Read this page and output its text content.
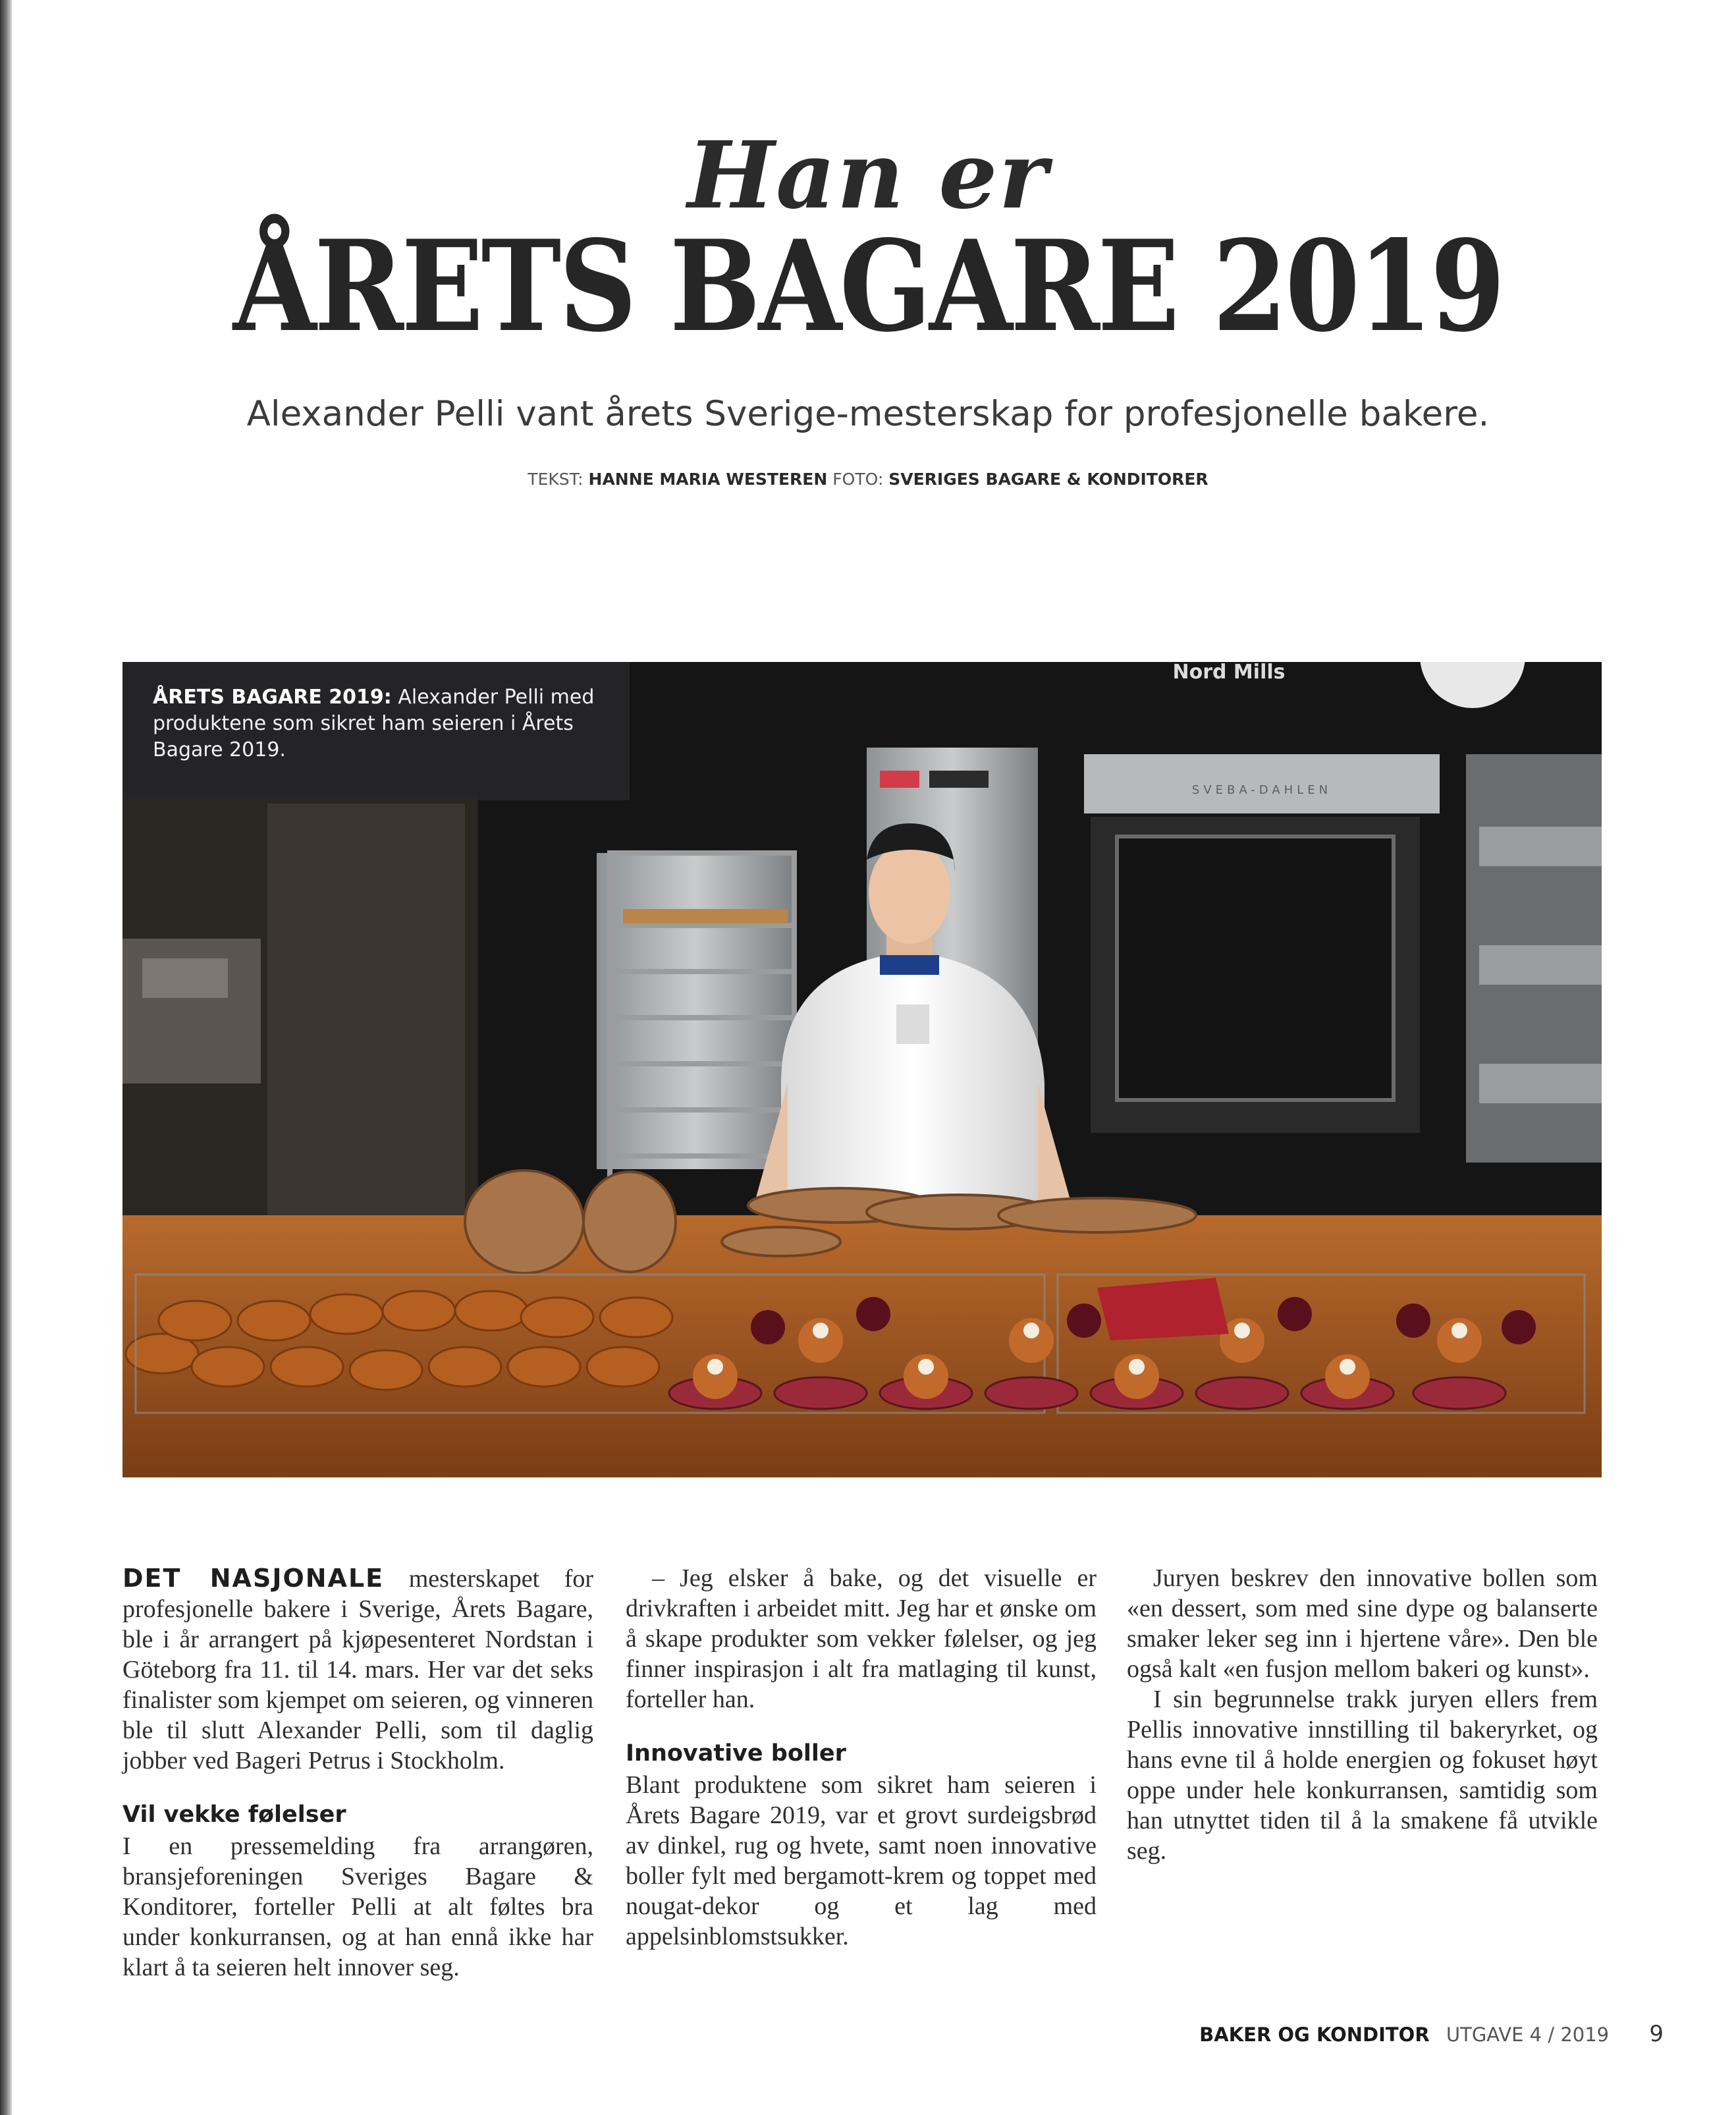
Han er
ÅRETS BAGARE 2019
Alexander Pelli vant årets Sverige-mesterskap for profesjonelle bakere.
TEKST: HANNE MARIA WESTEREN FOTO: SVERIGES BAGARE & KONDITORER
SVEBA-DAHLEN
Nord Mills
ÅRETS BAGARE 2019: Alexander Pelli med produktene som sikret ham seieren i Årets Bagare 2019.

DET NASJONALE mesterskapet for profesjonelle bakere i Sverige, Årets Bagare, ble i år arrangert på kjøpesenteret Nordstan i Göteborg fra 11. til 14. mars. Her var det seks finalister som kjempet om seieren, og vinneren ble til slutt Alexander Pelli, som til daglig jobber ved Bageri Petrus i Stockholm.

Vil vekke følelser

I en pressemelding fra arrangøren, bransjeforeningen Sveriges Bagare & Konditorer, forteller Pelli at alt føltes bra under konkurransen, og at han ennå ikke har klart å ta seieren helt innover seg.

– Jeg elsker å bake, og det visuelle er drivkraften i arbeidet mitt. Jeg har et ønske om å skape produkter som vekker følelser, og jeg finner inspirasjon i alt fra matlaging til kunst, forteller han.

Innovative boller

Blant produktene som sikret ham seieren i Årets Bagare 2019, var et grovt surdeigsbrød av dinkel, rug og hvete, samt noen innovative boller fylt med bergamott-krem og toppet med nougat-dekor og et lag med appelsinblomstsukker.

Juryen beskrev den innovative bollen som «en dessert, som med sine dype og balanserte smaker leker seg inn i hjertene våre». Den ble også kalt «en fusjon mellom bakeri og kunst».

I sin begrunnelse trakk juryen ellers frem Pellis innovative innstilling til bakeryrket, og hans evne til å holde energien og fokuset høyt oppe under hele konkurransen, samtidig som han utnyttet tiden til å la smakene få utvikle seg.

BAKER OG KONDITOR UTGAVE 4 / 2019 9
